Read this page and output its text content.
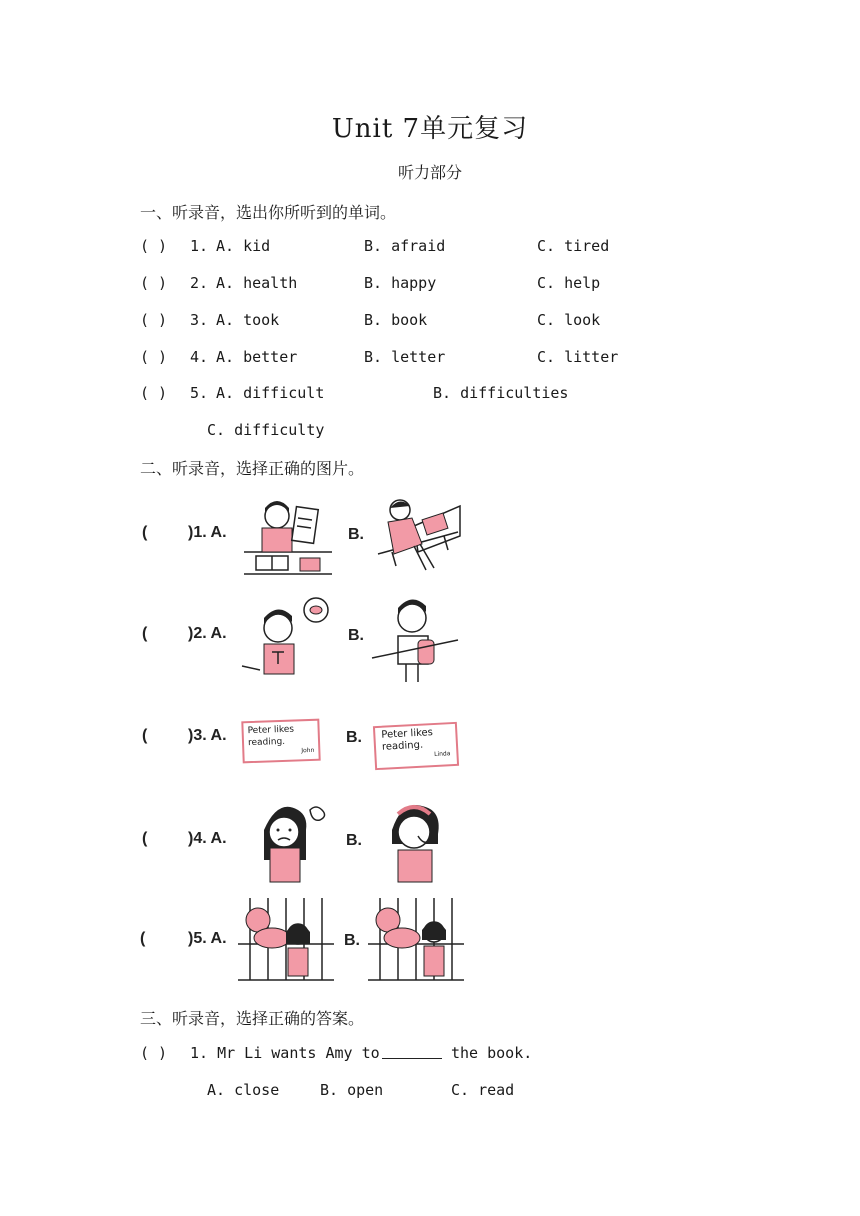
Unit 7单元复习
听力部分
一、听录音，选出你所听到的单词。
( ) 1. A. kid	B. afraid	C. tired
( ) 2. A. health	B. happy	C. help
( ) 3. A. took	B. book	C. look
( ) 4. A. better	B. letter	C. litter
( ) 5. A. difficult	B. difficulties
C. difficulty
二、听录音，选择正确的图片。
(	)1. A.	B.
(	)2. A.	B.
(	)3. A.	B.
Peter likes
reading.
John
Peter likes
reading.
Linda
(	)4. A.	B.
(	)5. A.	B.
三、听录音，选择正确的答案。
( ) 1. Mr Li wants Amy to	the book.
A. close	B. open	C. read
